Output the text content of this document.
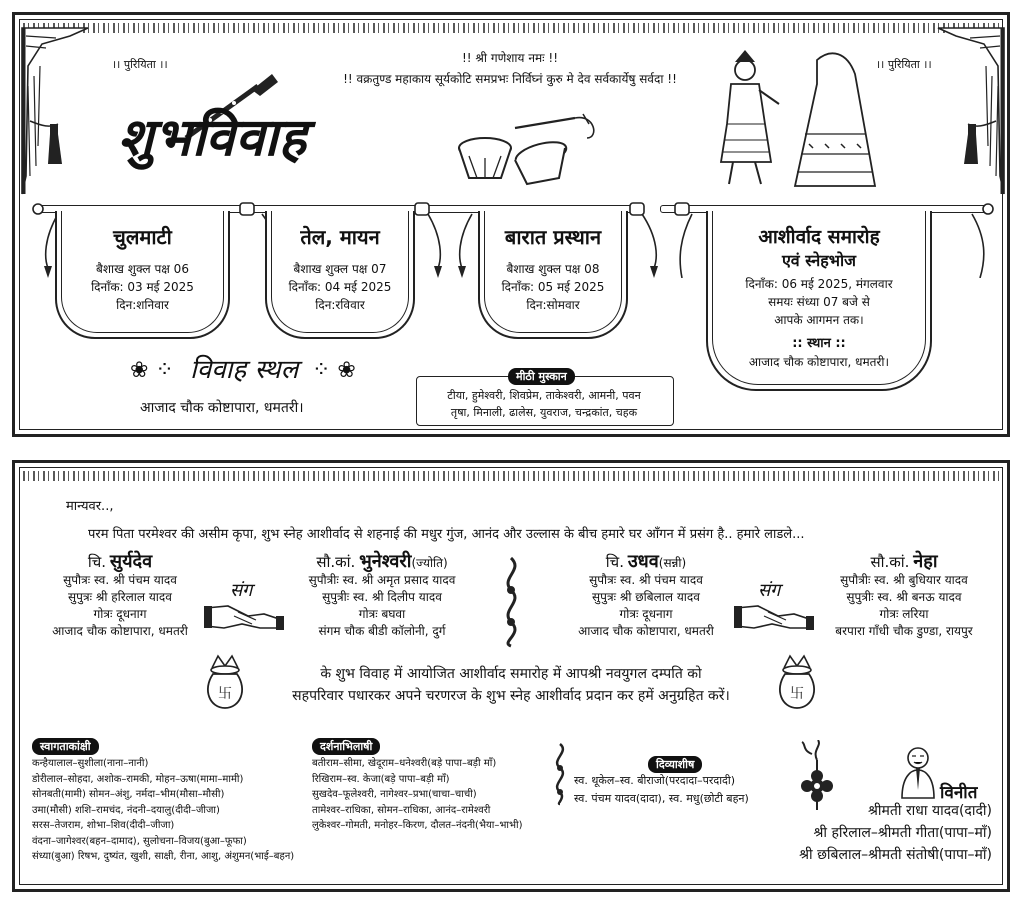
।। पुरियिता ।।	।। पुरियिता ।।
!! श्री गणेशाय नमः !!
!! वक्रतुण्ड महाकाय सूर्यकोटि समप्रभः निर्विघ्नं कुरु मे देव सर्वकार्येषु सर्वदा !!
शुभविवाह
चुलमाटी
बैशाख शुक्ल पक्ष 06
दिनाँक: 03 मई 2025
दिन:शनिवार
तेल, मायन
बैशाख शुक्ल पक्ष 07
दिनाँक: 04 मई 2025
दिन:रविवार
बारात प्रस्थान
बैशाख शुक्ल पक्ष 08
दिनाँक: 05 मई 2025
दिन:सोमवार
आशीर्वाद समारोह
एवं स्नेहभोज
दिनाँक: 06 मई 2025, मंगलवार
समयः संध्या 07 बजे से
आपके आगमन तक।
:: स्थान ::
आजाद चौक कोष्टापारा, धमतरी।
❀ ⁘ विवाह स्थल ⁘ ❀
आजाद चौक कोष्टापारा, धमतरी।
मीठी मुस्कान
टीया, हुमेश्वरी, शिवप्रेम, ताकेश्वरी, आमनी, पवन
तृषा, मिनाली, ढालेस, युवराज, चन्द्रकांत, चहक
मान्यवर..,
परम पिता परमेश्वर की असीम कृपा, शुभ स्नेह आशीर्वाद से शहनाई की मधुर गुंज, आनंद और उल्लास के बीच हमारे घर आँगन में प्रसंग है.. हमारे लाडले...
चि. सुर्यदेव
सुपौत्रः स्व. श्री पंचम यादव
सुपुत्रः श्री हरिलाल यादव
गोत्रः दूधनाग
आजाद चौक कोष्टापारा, धमतरी
संग
सौ.कां. भुनेश्वरी(ज्योति)
सुपौत्रीः स्व. श्री अमृत प्रसाद यादव
सुपुत्रीः स्व. श्री दिलीप यादव
गोत्रः बघवा
संगम चौक बीडी कॉलोनी, दुर्ग
चि. उधव(सन्नी)
सुपौत्रः स्व. श्री पंचम यादव
सुपुत्रः श्री छबिलाल यादव
गोत्रः दूधनाग
आजाद चौक कोष्टापारा, धमतरी
संग
सौ.कां. नेहा
सुपौत्रीः स्व. श्री बुधियार यादव
सुपुत्रीः स्व. श्री बनऊ यादव
गोत्रः लरिया
बरपारा गाँधी चौक डुण्डा, रायपुर
卐	卐
के शुभ विवाह में आयोजित आशीर्वाद समारोह में आपश्री नवयुगल दम्पति को
सहपरिवार पधारकर अपने चरणरज के शुभ स्नेह आशीर्वाद प्रदान कर हमें अनुग्रहित करें।
स्वागताकांक्षी
कन्हैयालाल–सुशीला(नाना–नानी)
डोरीलाल–सोहदा, अशोक–रामकी, मोहन–ऊषा(मामा–मामी)
सोनबती(मामी) सोमन–अंशु, नर्मदा–भीम(मौसा–मौसी)
उमा(मौसी) शशि–रामचंद, नंदनी–दयालु(दीदी–जीजा)
सरस–तेजराम, शोभा–शिव(दीदी–जीजा)
वंदना–जागेश्वर(बहन–दामाद), सुलोचना–विजय(बुआ–फूफा)
संध्या(बुआ) रिषभ, दुष्यंत, खुशी, साक्षी, रीना, आशु, अंशुमन(भाई–बहन)
दर्शनाभिलाषी
बतीराम–सीमा, खेदूराम–धनेश्वरी(बड़े पापा–बड़ी माँ)
रिखिराम–स्व. केजा(बड़े पापा–बड़ी माँ)
सुखदेव–फूलेश्वरी, नागेश्वर–प्रभा(चाचा–चाची)
तामेश्वर–राधिका, सोमन–राधिका, आनंद–रामेश्वरी
लुकेश्वर–गोमती, मनोहर–किरण, दौलत–नंदनी(भैया–भाभी)
दिव्याशीष
स्व. थूकेल–स्व. बीराजो(परदादा–परदादी)
स्व. पंचम यादव(दादा), स्व. मधु(छोटी बहन)	विनीत
श्रीमती राधा यादव(दादी)
श्री हरिलाल–श्रीमती गीता(पापा–माँ)
श्री छबिलाल–श्रीमती संतोषी(पापा–माँ)
